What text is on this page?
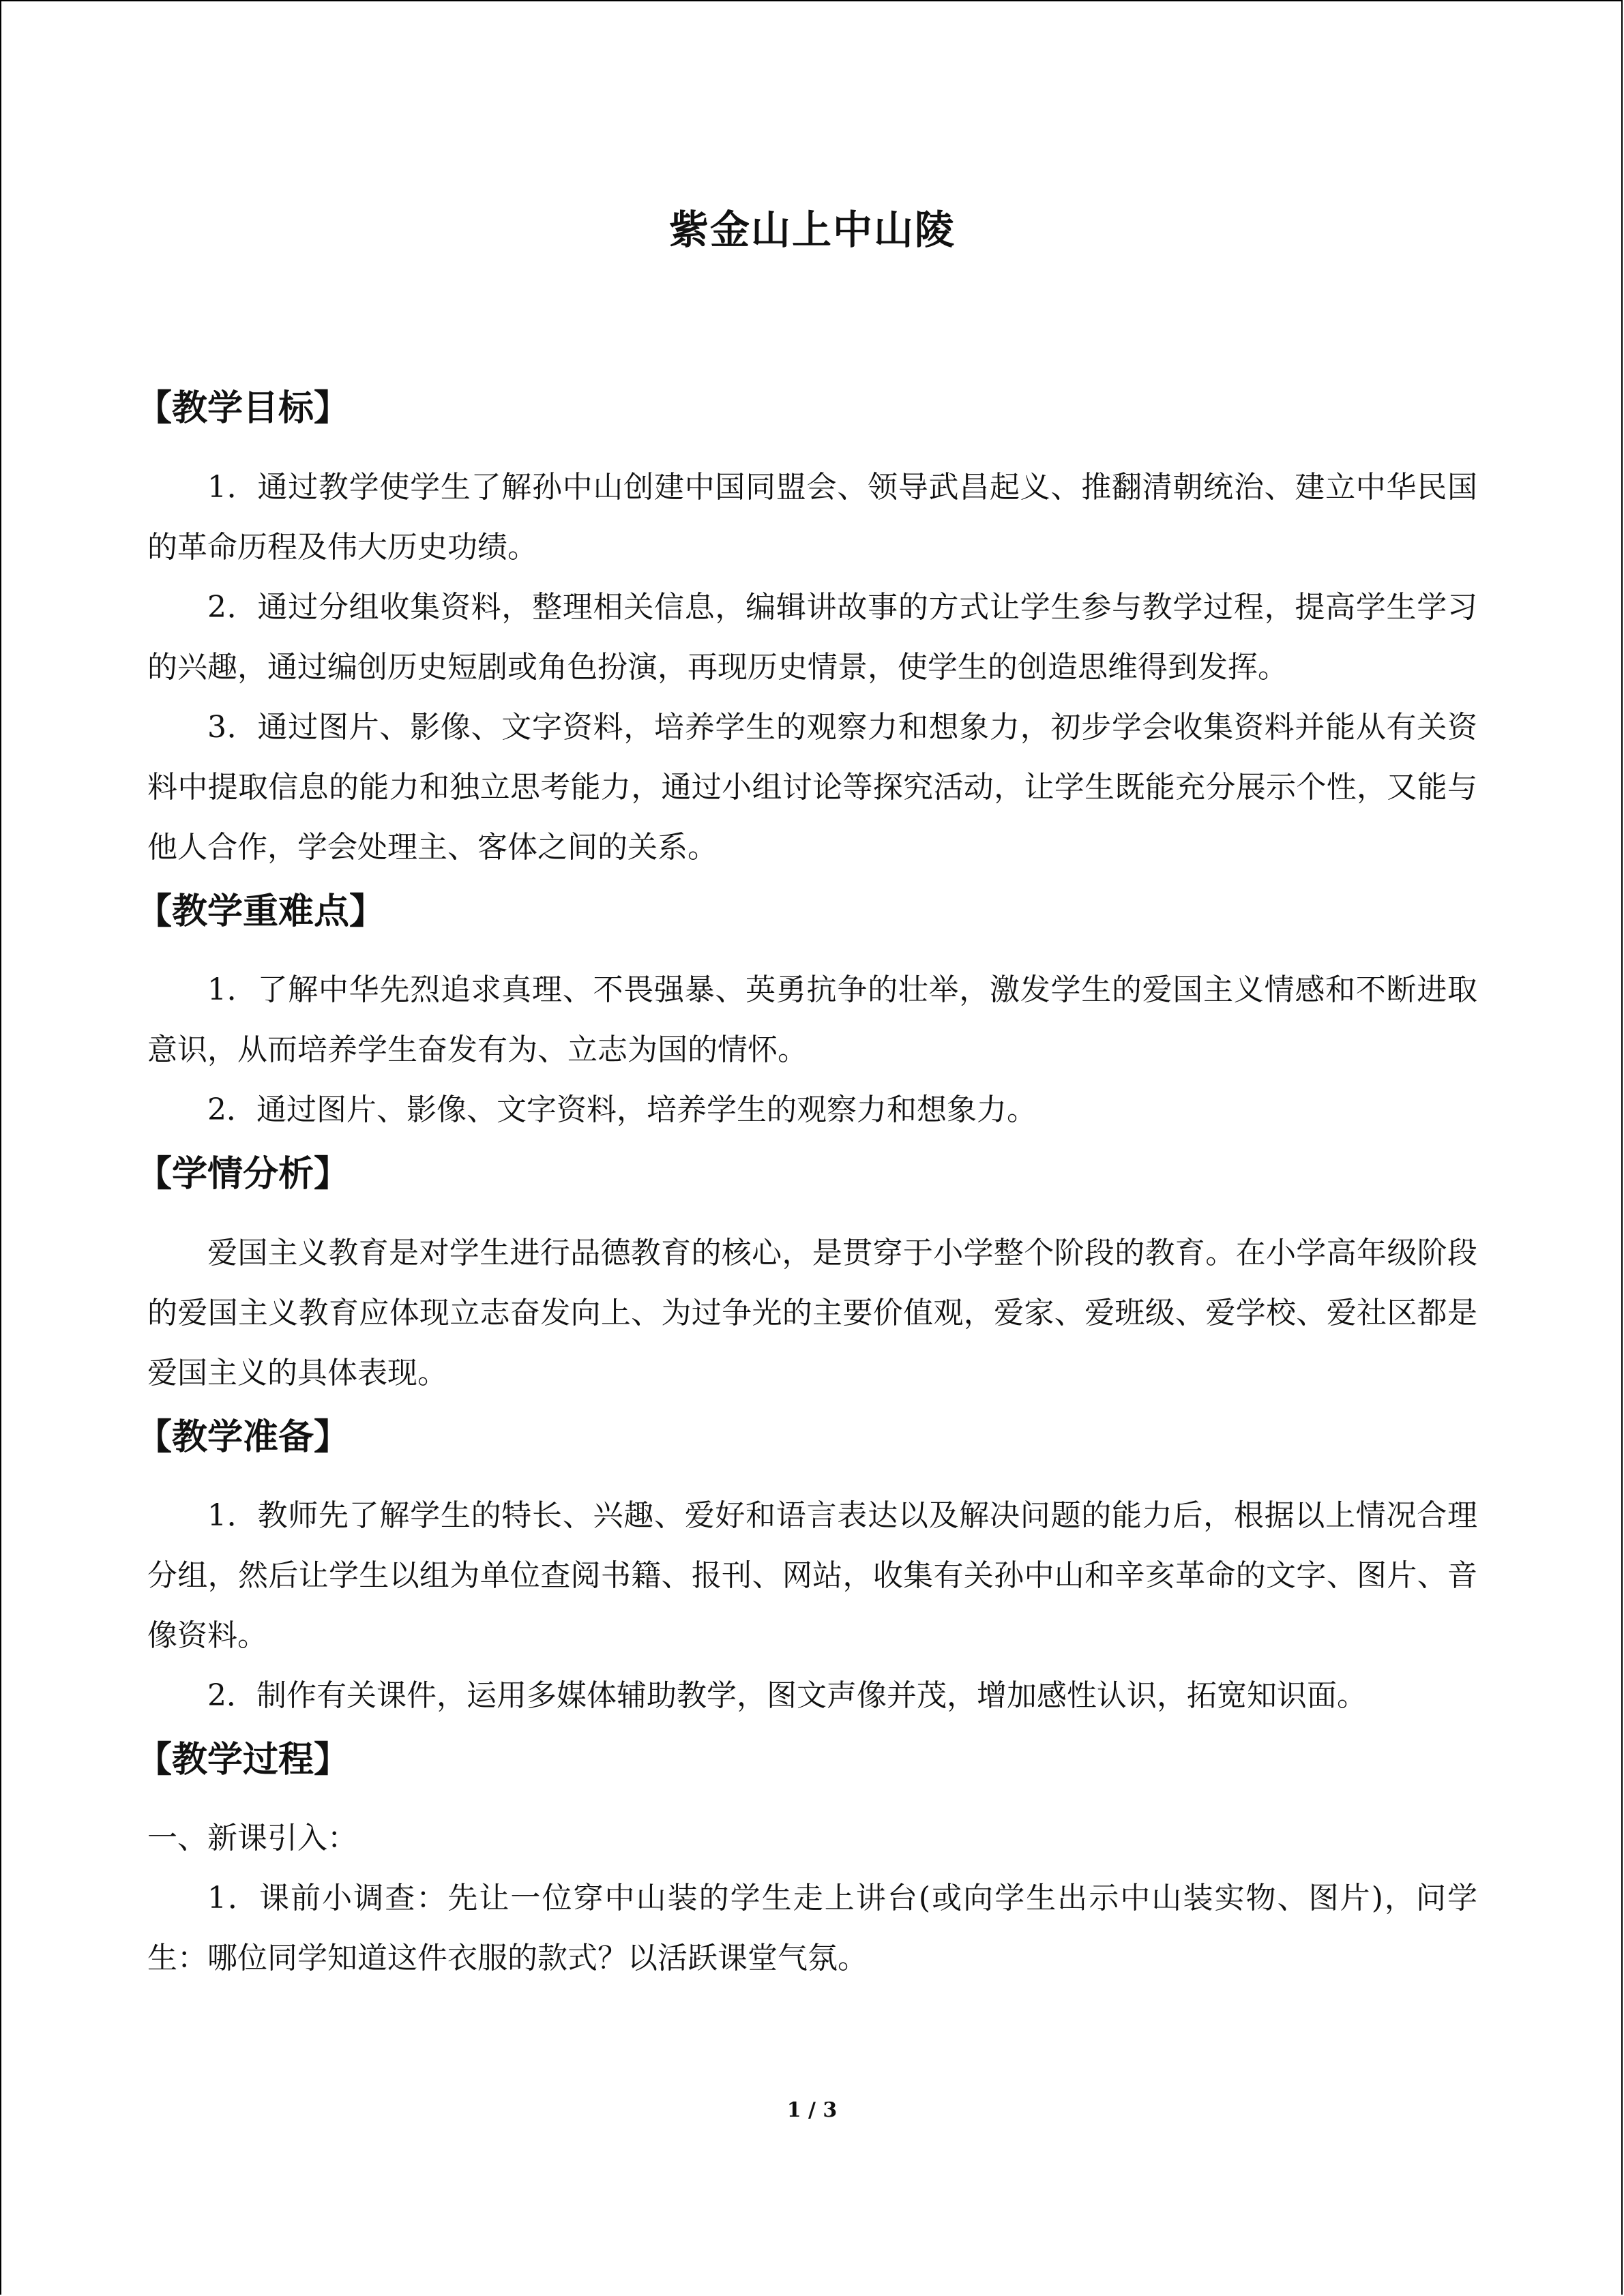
紫金山上中山陵
【教学目标】

1．通过教学使学生了解孙中山创建中国同盟会、领导武昌起义、推翻清朝统治、建立中华民国的革命历程及伟大历史功绩。

2．通过分组收集资料，整理相关信息，编辑讲故事的方式让学生参与教学过程，提高学生学习的兴趣，通过编创历史短剧或角色扮演，再现历史情景，使学生的创造思维得到发挥。

3．通过图片、影像、文字资料，培养学生的观察力和想象力，初步学会收集资料并能从有关资料中提取信息的能力和独立思考能力，通过小组讨论等探究活动，让学生既能充分展示个性，又能与他人合作，学会处理主、客体之间的关系。

【教学重难点】

1．了解中华先烈追求真理、不畏强暴、英勇抗争的壮举，激发学生的爱国主义情感和不断进取意识，从而培养学生奋发有为、立志为国的情怀。

2．通过图片、影像、文字资料，培养学生的观察力和想象力。

【学情分析】

爱国主义教育是对学生进行品德教育的核心，是贯穿于小学整个阶段的教育。在小学高年级阶段的爱国主义教育应体现立志奋发向上、为过争光的主要价值观，爱家、爱班级、爱学校、爱社区都是爱国主义的具体表现。

【教学准备】

1．教师先了解学生的特长、兴趣、爱好和语言表达以及解决问题的能力后，根据以上情况合理分组，然后让学生以组为单位查阅书籍、报刊、网站，收集有关孙中山和辛亥革命的文字、图片、音像资料。

2．制作有关课件，运用多媒体辅助教学，图文声像并茂，增加感性认识，拓宽知识面。

【教学过程】

一、新课引入：

1．课前小调查：先让一位穿中山装的学生走上讲台(或向学生出示中山装实物、图片)，问学生：哪位同学知道这件衣服的款式？以活跃课堂气氛。

1 / 3
